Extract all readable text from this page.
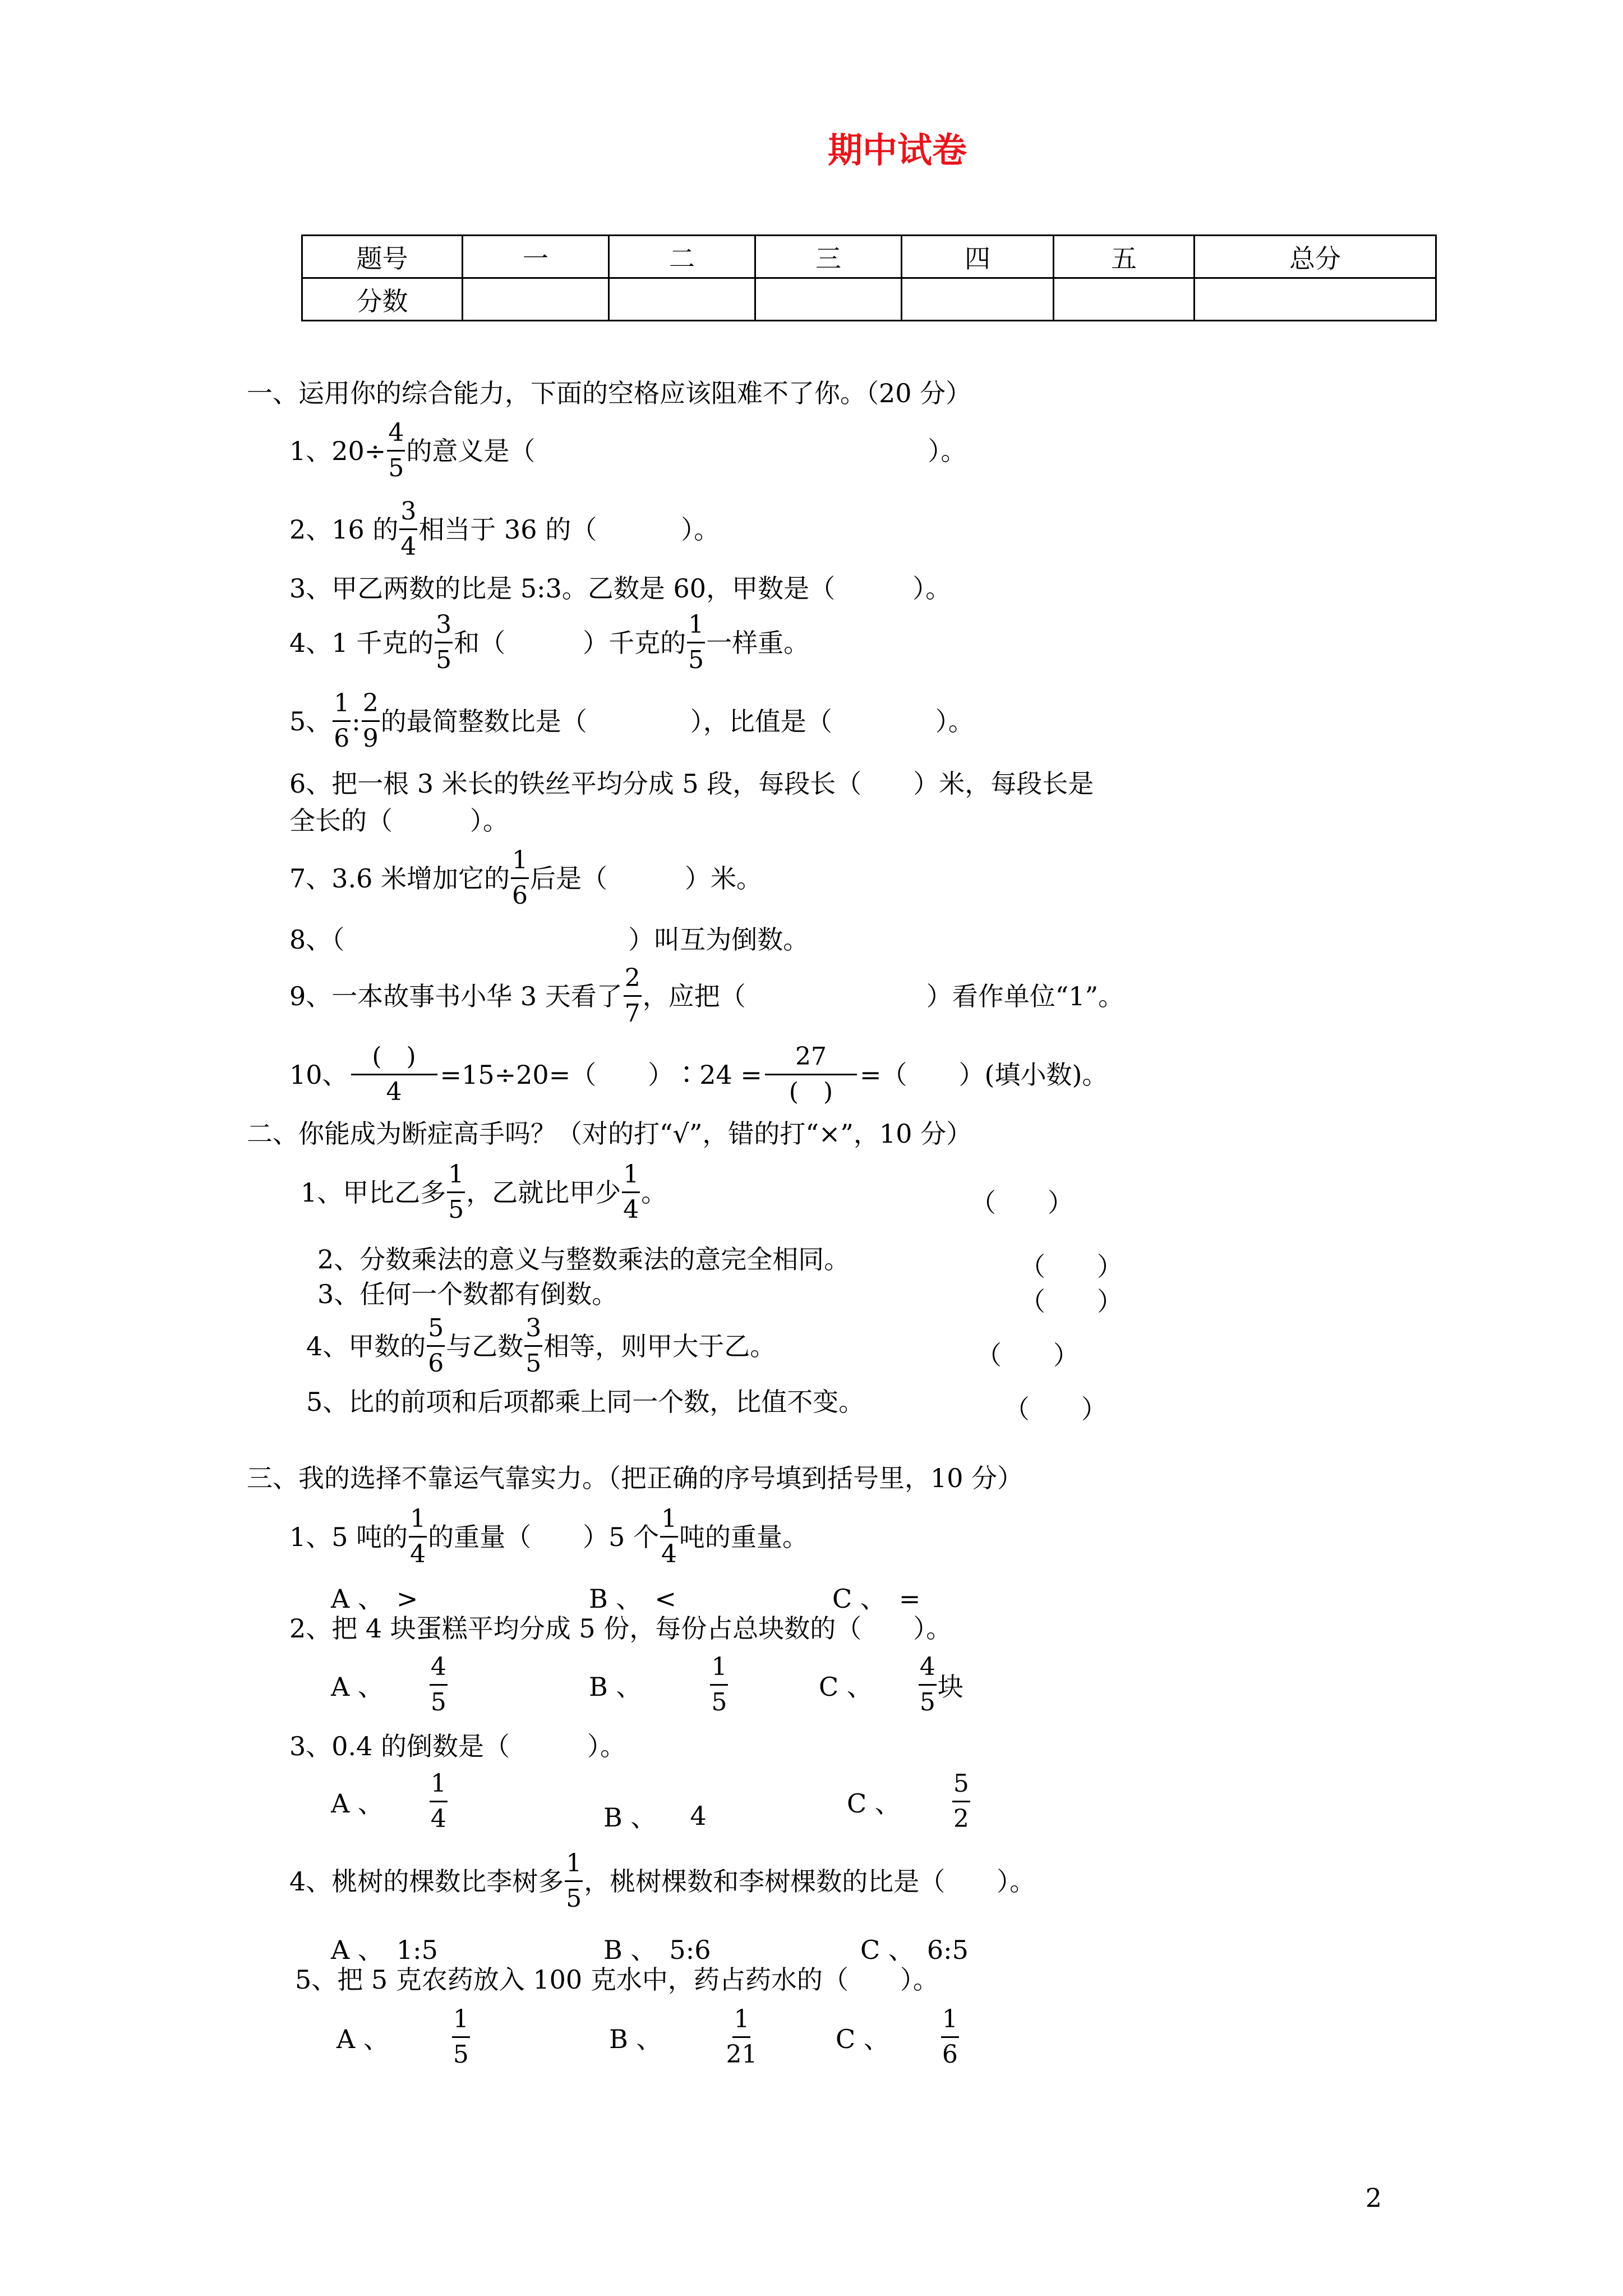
期中试卷
题号	一	二	三	四	五	总分
分数						
一、运用你的综合能力，下面的空格应该阻难不了你。（20 分）
1、$20\div \frac{4}{5}$ 的意义是（	）。
2、16 的 $\frac{3}{4}$ 相当于 36 的（	）。
3、甲乙两数的比是 5:3。乙数是 60，甲数是（　　　）。
4、1 千克的 $\frac{3}{5}$ 和（　　　）千克的 $\frac{1}{5}$ 一样重。
5、 $\frac{1}{6}$ : $\frac{2}{9}$ 的最简整数比是（　　　　），比值是（　　　　）。
6、把一根 3 米长的铁丝平均分成 5 段，每段长（　　）米，每段长是
全长的（　　　）。
7、3.6 米增加它的 $\frac{1}{6}$ 后是（　　　）米。
8、（　　　　　　　　　　　）叫互为倒数。
9、一本故事书小华 3 天看了 $\frac{2}{7}$ ，应把（　　　　　　　）看作单位“1”。
10、 $\frac{( )}{4} =15\div 20=$（　　）∶24 = $\frac{27}{( )}$ =（　　）(填小数)。
二、你能成为断症高手吗？（对的打“√”，错的打“×”，10 分）
1、甲比乙多 $\frac{1}{5}$ ，乙就比甲少 $\frac{1}{4}$ 。	（　　）
2、分数乘法的意义与整数乘法的意完全相同。	（　　）
3、任何一个数都有倒数。	（　　）
4、甲数的 $\frac{5}{6}$ 与乙数 $\frac{3}{5}$ 相等，则甲大于乙。	（　　）
5、比的前项和后项都乘上同一个数，比值不变。	（　　）
三、我的选择不靠运气靠实力。（把正确的序号填到括号里，10 分）
1、5 吨的 $\frac{1}{4}$ 的重量（　　）5 个 $\frac{1}{4}$ 吨的重量。
A 、　>	B 、　<	C 、　=
2、把 4 块蛋糕平均分成 5 份，每份占总块数的（　　）。
A 、 $\frac{4}{5}$	B 、	$\frac{1}{5}$	C 、 $\frac{4}{5}$ 块
3、0.4 的倒数是（　　　）。
A 、 $\frac{1}{4}$	B 、 4	C 、 $\frac{5}{2}$
4、桃树的棵数比李树多 $\frac{1}{5}$ ，桃树棵数和李树棵数的比是（　　）。
A 、　1:5	B 、　5:6	C 、　6:5
5、把 5 克农药放入 100 克水中，药占药水的（　　）。
A 、	$\frac{1}{5}$	B 、	$\frac{1}{21}$	C 、 $\frac{1}{6}$
2
